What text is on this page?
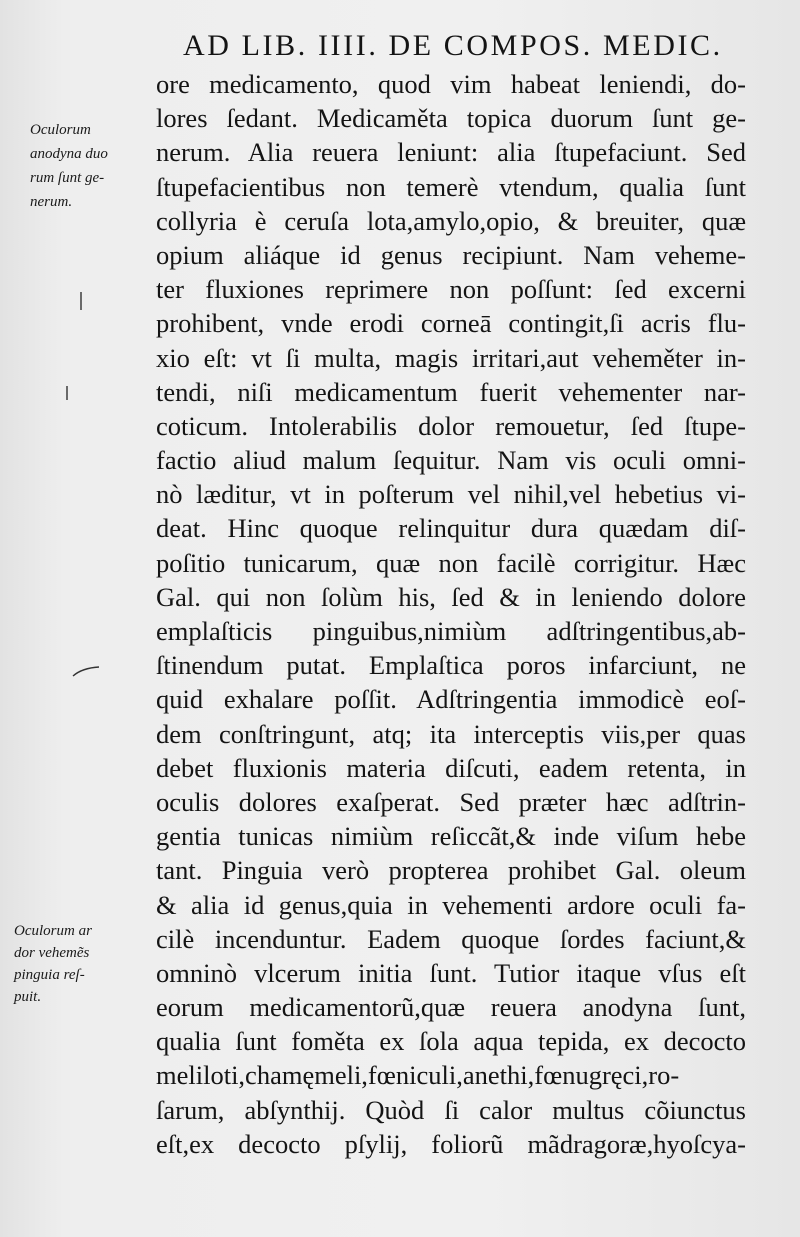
AD LIB. IIII. DE COMPOS. MEDIC.
Oculorum
anodyna duo
rum ſunt ge-
nerum.
Oculorum ar
dor vehemẽs
pinguia reſ-
puit.
ore medicamento, quod vim habeat leniendi, do-
lores ſedant. Medicaměta topica duorum ſunt ge-
nerum. Alia reuera leniunt: alia ſtupefaciunt. Sed
ſtupefacientibus non temerè vtendum, qualia ſunt
collyria è ceruſa lota,amylo,opio, & breuiter, quæ
opium aliáque id genus recipiunt. Nam veheme-
ter fluxiones reprimere non poſſunt: ſed excerni
prohibent, vnde erodi corneā contingit,ſi acris flu-
xio eſt: vt ſi multa, magis irritari,aut veheměter in-
tendi, niſi medicamentum fuerit vehementer nar-
coticum. Intolerabilis dolor remouetur, ſed ſtupe-
factio aliud malum ſequitur. Nam vis oculi omni-
nò læditur, vt in poſterum vel nihil,vel hebetius vi-
deat. Hinc quoque relinquitur dura quædam diſ-
poſitio tunicarum, quæ non facilè corrigitur. Hæc
Gal. qui non ſolùm his, ſed & in leniendo dolore
emplaſticis pinguibus,nimiùm adſtringentibus,ab-
ſtinendum putat. Emplaſtica poros infarciunt, ne
quid exhalare poſſit. Adſtringentia immodicè eoſ-
dem conſtringunt, atq; ita interceptis viis,per quas
debet fluxionis materia diſcuti, eadem retenta, in
oculis dolores exaſperat. Sed præter hæc adſtrin-
gentia tunicas nimiùm reſiccãt,& inde viſum hebe
tant. Pinguia verò propterea prohibet Gal. oleum
& alia id genus,quia in vehementi ardore oculi fa-
cilè incenduntur. Eadem quoque ſordes faciunt,&
omninò vlcerum initia ſunt. Tutior itaque vſus eſt
eorum medicamentorũ,quæ reuera anodyna ſunt,
qualia ſunt foměta ex ſola aqua tepida, ex decocto
meliloti,chamęmeli,fœniculi,anethi,fœnugręci,ro-
ſarum, abſynthij. Quòd ſi calor multus cõiunctus
eſt,ex decocto pſylij, foliorũ mãdragoræ,hyoſcya-
